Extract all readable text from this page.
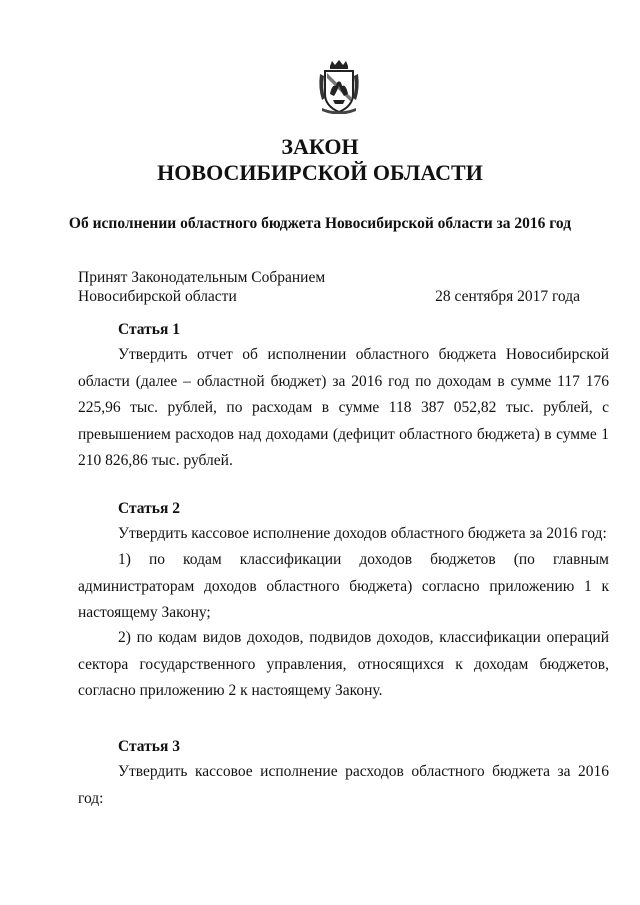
ЗАКОН
НОВОСИБИРСКОЙ ОБЛАСТИ
Об исполнении областного бюджета Новосибирской области за 2016 год
Принят Законодательным Собранием
Новосибирской области	28 сентября 2017 года
Статья 1

Утвердить отчет об исполнении областного бюджета Новосибирской области (далее – областной бюджет) за 2016 год по доходам в сумме 117 176 225,96 тыс. рублей, по расходам в сумме 118 387 052,82 тыс. рублей, с превышением расходов над доходами (дефицит областного бюджета) в сумме 1 210 826,86 тыс. рублей.

Статья 2

Утвердить кассовое исполнение доходов областного бюджета за 2016 год:

1) по кодам классификации доходов бюджетов (по главным администраторам доходов областного бюджета) согласно приложению 1 к настоящему Закону;

2) по кодам видов доходов, подвидов доходов, классификации операций сектора государственного управления, относящихся к доходам бюджетов, согласно приложению 2 к настоящему Закону.

Статья 3

Утвердить кассовое исполнение расходов областного бюджета за 2016 год:
